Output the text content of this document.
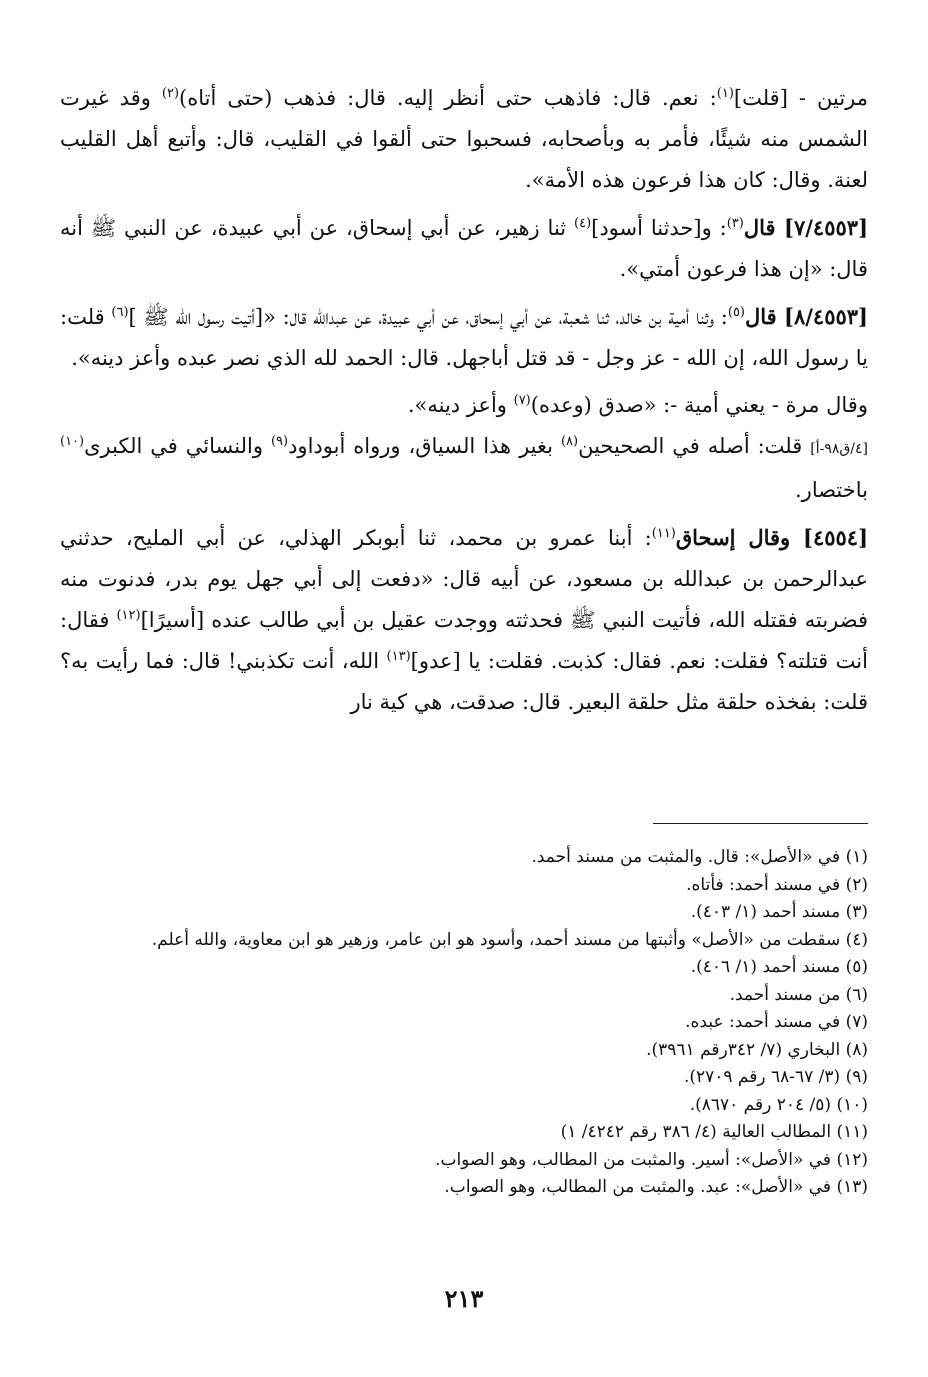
مرتين - [قلت]$^{(١)}$: نعم. قال: فاذهب حتى أنظر إليه. قال: فذهب (حتى أتاه)$^{(٢)}$ وقد غيرت الشمس منه شيئًا، فأمر به وبأصحابه، فسحبوا حتى ألقوا في القليب، قال: وأتبع أهل القليب لعنة. وقال: كان هذا فرعون هذه الأمة».

[٧/٤٥٥٣] قال$^{(٣)}$: و[حدثنا أسود]$^{(٤)}$ ثنا زهير، عن أبي إسحاق، عن أبي عبيدة، عن النبي ﷺ أنه قال: «إن هذا فرعون أمتي».

[٨/٤٥٥٣] قال$^{(٥)}$: وثنا أمية بن خالد، ثنا شعبة، عن أبي إسحاق، عن أبي عبيدة، عن عبدالله قال: «[أتيت رسول الله ﷺ ]$^{(٦)}$ قلت: يا رسول الله، إن الله - عز وجل - قد قتل أباجهل. قال: الحمد لله الذي نصر عبده وأعز دينه».

وقال مرة - يعني أمية -: «صدق (وعده)$^{(٧)}$ وأعز دينه».

[٤/ق٩٨-أ] قلت: أصله في الصحيحين$^{(٨)}$ بغير هذا السياق، ورواه أبوداود$^{(٩)}$ والنسائي في الكبرى$^{(١٠)}$ باختصار.

[٤٥٥٤] وقال إسحاق$^{(١١)}$: أبنا عمرو بن محمد، ثنا أبوبكر الهذلي، عن أبي المليح، حدثني عبدالرحمن بن عبدالله بن مسعود، عن أبيه قال: «دفعت إلى أبي جهل يوم بدر، فدنوت منه فضربته فقتله الله، فأتيت النبي ﷺ فحدثته ووجدت عقيل بن أبي طالب عنده [أسيرًا]$^{(١٢)}$ فقال: أنت قتلته؟ فقلت: نعم. فقال: كذبت. فقلت: يا [عدو]$^{(١٣)}$ الله، أنت تكذبني! قال: فما رأيت به؟ قلت: بفخذه حلقة مثل حلقة البعير. قال: صدقت، هي كية نار

(١) في «الأصل»: قال. والمثبت من مسند أحمد.
(٢) في مسند أحمد: فأتاه.
(٣) مسند أحمد (١/ ٤٠٣).
(٤) سقطت من «الأصل» وأثبتها من مسند أحمد، وأسود هو ابن عامر، وزهير هو ابن معاوية، والله أعلم.
(٥) مسند أحمد (١/ ٤٠٦).
(٦) من مسند أحمد.
(٧) في مسند أحمد: عبده.
(٨) البخاري (٧/ ٣٤٢رقم ٣٩٦١).
(٩) (٣/ ٦٧-٦٨ رقم ٢٧٠٩).
(١٠) (٥/ ٢٠٤ رقم ٨٦٧٠).
(١١) المطالب العالية (٤/ ٣٨٦ رقم ٤٢٤٢/ ١)
(١٢) في «الأصل»: أسير. والمثبت من المطالب، وهو الصواب.
(١٣) في «الأصل»: عبد. والمثبت من المطالب، وهو الصواب.
٢١٣
